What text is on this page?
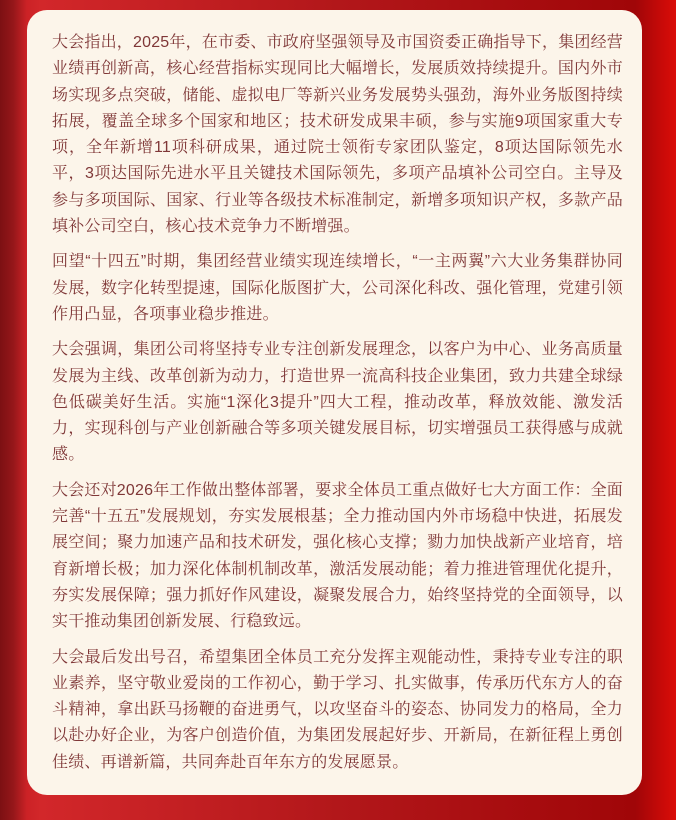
大会指出，2025年，在市委、市政府坚强领导及市国资委正确指导下，集团经营业绩再创新高，核心经营指标实现同比大幅增长，发展质效持续提升。国内外市场实现多点突破，储能、虚拟电厂等新兴业务发展势头强劲，海外业务版图持续拓展，覆盖全球多个国家和地区；技术研发成果丰硕，参与实施9项国家重大专项，全年新增11项科研成果，通过院士领衔专家团队鉴定，8项达国际领先水平，3项达国际先进水平且关键技术国际领先，多项产品填补公司空白。主导及参与多项国际、国家、行业等各级技术标准制定，新增多项知识产权，多款产品填补公司空白，核心技术竞争力不断增强。

回望“十四五”时期，集团经营业绩实现连续增长，“一主两翼”六大业务集群协同发展，数字化转型提速，国际化版图扩大，公司深化科改、强化管理，党建引领作用凸显，各项事业稳步推进。

大会强调，集团公司将坚持专业专注创新发展理念，以客户为中心、业务高质量发展为主线、改革创新为动力，打造世界一流高科技企业集团，致力共建全球绿色低碳美好生活。实施“1深化3提升”四大工程，推动改革，释放效能、激发活力，实现科创与产业创新融合等多项关键发展目标，切实增强员工获得感与成就感。

大会还对2026年工作做出整体部署，要求全体员工重点做好七大方面工作：全面完善“十五五”发展规划，夯实发展根基；全力推动国内外市场稳中快进，拓展发展空间；聚力加速产品和技术研发，强化核心支撑；勠力加快战新产业培育，培育新增长极；加力深化体制机制改革，激活发展动能；着力推进管理优化提升，夯实发展保障；强力抓好作风建设，凝聚发展合力，始终坚持党的全面领导，以实干推动集团创新发展、行稳致远。

大会最后发出号召，希望集团全体员工充分发挥主观能动性，秉持专业专注的职业素养，坚守敬业爱岗的工作初心，勤于学习、扎实做事，传承历代东方人的奋斗精神，拿出跃马扬鞭的奋进勇气，以攻坚奋斗的姿态、协同发力的格局，全力以赴办好企业，为客户创造价值，为集团发展起好步、开新局，在新征程上勇创佳绩、再谱新篇，共同奔赴百年东方的发展愿景。
